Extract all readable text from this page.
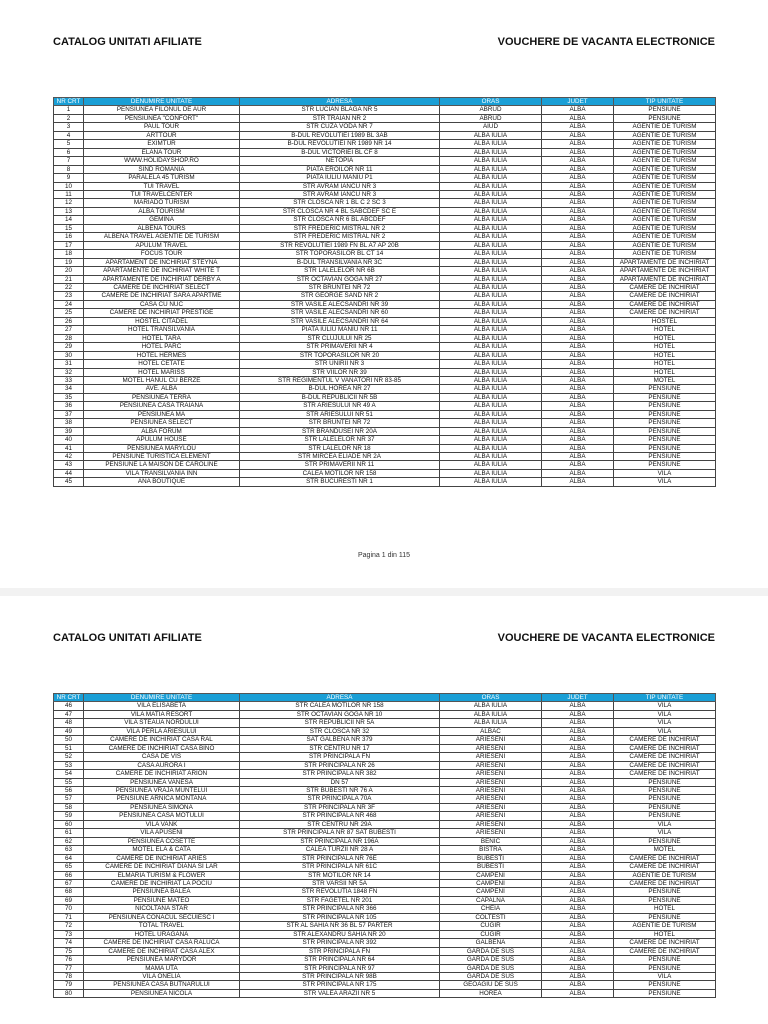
CATALOG UNITATI AFILIATE	VOUCHERE DE VACANTA ELECTRONICE
NR CRT	DENUMIRE UNITATE	ADRESA	ORAS	JUDET	TIP UNITATE
1	PENSIUNEA FILONUL DE AUR	STR LUCIAN BLAGA NR 5	ABRUD	ALBA	PENSIUNE
2	PENSIUNEA "CONFORT"	STR TRAIAN NR 2	ABRUD	ALBA	PENSIUNE
3	PAUL TOUR	STR CUZA VODA NR 7	AIUD	ALBA	AGENTIE DE TURISM
4	ARTTOUR	B-DUL REVOLUTIEI 1989 BL 3AB	ALBA IULIA	ALBA	AGENTIE DE TURISM
5	EXIMTUR	B-DUL REVOLUTIEI NR 1989 NR 14	ALBA IULIA	ALBA	AGENTIE DE TURISM
6	ELANA TOUR	B-DUL VICTORIEI BL CF 8	ALBA IULIA	ALBA	AGENTIE DE TURISM
7	WWW.HOLIDAYSHOP.RO	NETOPIA	ALBA IULIA	ALBA	AGENTIE DE TURISM
8	SIND ROMANIA	PIATA EROILOR NR 11	ALBA IULIA	ALBA	AGENTIE DE TURISM
9	PARALELA 45 TURISM	PIATA IULIU MANIU P1	ALBA IULIA	ALBA	AGENTIE DE TURISM
10	TUI TRAVEL	STR AVRAM IANCU NR 3	ALBA IULIA	ALBA	AGENTIE DE TURISM
11	TUI TRAVELCENTER	STR AVRAM IANCU NR 3	ALBA IULIA	ALBA	AGENTIE DE TURISM
12	MARIADO TURISM	STR CLOSCA NR 1 BL C 2 SC 3	ALBA IULIA	ALBA	AGENTIE DE TURISM
13	ALBA TOURISM	STR CLOSCA NR 4 BL SABCDEF SC E	ALBA IULIA	ALBA	AGENTIE DE TURISM
14	GEMINA	STR CLOSCA NR 6 BL ABCDEF	ALBA IULIA	ALBA	AGENTIE DE TURISM
15	ALBENA TOURS	STR FREDERIC MISTRAL NR 2	ALBA IULIA	ALBA	AGENTIE DE TURISM
16	ALBENA TRAVEL AGENTIE DE TURISM	STR FREDERIC MISTRAL NR 2	ALBA IULIA	ALBA	AGENTIE DE TURISM
17	APULUM TRAVEL	STR REVOLUTIEI 1989 FN BL A7 AP 20B	ALBA IULIA	ALBA	AGENTIE DE TURISM
18	FOCUS TOUR	STR TOPORASILOR BL CT 14	ALBA IULIA	ALBA	AGENTIE DE TURISM
19	APARTAMENT DE INCHIRIAT STEYNA	B-DUL TRANSILVANIA NR 3C	ALBA IULIA	ALBA	APARTAMENTE DE INCHIRIAT
20	APARTAMENTE DE INCHIRIAT WHITE T	STR LALELELOR NR 6B	ALBA IULIA	ALBA	APARTAMENTE DE INCHIRIAT
21	APARTAMENTE DE INCHIRIAT DERBY A	STR OCTAVIAN GOGA NR 27	ALBA IULIA	ALBA	APARTAMENTE DE INCHIRIAT
22	CAMERE DE INCHIRIAT SELECT	STR BRUNTEI NR 72	ALBA IULIA	ALBA	CAMERE DE INCHIRIAT
23	CAMERE DE INCHIRIAT SARA APARTME	STR GEORGE SAND NR 2	ALBA IULIA	ALBA	CAMERE DE INCHIRIAT
24	CASA CU NUC	STR VASILE ALECSANDRI NR 39	ALBA IULIA	ALBA	CAMERE DE INCHIRIAT
25	CAMERE DE INCHIRIAT PRESTIGE	STR VASILE ALECSANDRI NR 60	ALBA IULIA	ALBA	CAMERE DE INCHIRIAT
26	HOSTEL CITADEL	STR VASILE ALECSANDRI NR 64	ALBA IULIA	ALBA	HOSTEL
27	HOTEL TRANSILVANIA	PIATA IULIU MANIU NR 11	ALBA IULIA	ALBA	HOTEL
28	HOTEL TARA	STR CLUJULUI NR 25	ALBA IULIA	ALBA	HOTEL
29	HOTEL PARC	STR PRIMAVERII NR 4	ALBA IULIA	ALBA	HOTEL
30	HOTEL HERMES	STR TOPORASILOR NR 20	ALBA IULIA	ALBA	HOTEL
31	HOTEL CETATE	STR UNIRII NR 3	ALBA IULIA	ALBA	HOTEL
32	HOTEL MARISS	STR VIILOR NR 39	ALBA IULIA	ALBA	HOTEL
33	MOTEL HANUL CU BERZE	STR REGIMENTUL V VANATORI NR 83-85	ALBA IULIA	ALBA	MOTEL
34	AVE. ALBA	B-DUL HOREA NR 27	ALBA IULIA	ALBA	PENSIUNE
35	PENSIUNEA TERRA	B-DUL REPUBLICII NR 5B	ALBA IULIA	ALBA	PENSIUNE
36	PENSIUNEA CASA TRAIANA	STR ARIESULUI NR 49 A	ALBA IULIA	ALBA	PENSIUNE
37	PENSIUNEA MA	STR ARIESULUI NR 51	ALBA IULIA	ALBA	PENSIUNE
38	PENSIUNEA SELECT	STR BRUNTEI NR 72	ALBA IULIA	ALBA	PENSIUNE
39	ALBA FORUM	STR BRANDUSEI NR 20A	ALBA IULIA	ALBA	PENSIUNE
40	APULUM HOUSE	STR LALELELOR NR 37	ALBA IULIA	ALBA	PENSIUNE
41	PENSIUNEA MARYLOU	STR LALELOR NR 18	ALBA IULIA	ALBA	PENSIUNE
42	PENSIUNE TURISTICA ELEMENT	STR MIRCEA ELIADE NR 2A	ALBA IULIA	ALBA	PENSIUNE
43	PENSIUNE LA MAISON DE CAROLINE	STR PRIMAVERII NR 11	ALBA IULIA	ALBA	PENSIUNE
44	VILA TRANSILVANIA INN	CALEA MOTILOR NR 158	ALBA IULIA	ALBA	VILA
45	ANA BOUTIQUE	STR BUCURESTI NR 1	ALBA IULIA	ALBA	VILA
Pagina 1 din 115
CATALOG UNITATI AFILIATE	VOUCHERE DE VACANTA ELECTRONICE
NR CRT	DENUMIRE UNITATE	ADRESA	ORAS	JUDET	TIP UNITATE
46	VILA ELISABETA	STR CALEA MOTILOR NR 158	ALBA IULIA	ALBA	VILA
47	VILA MATIA RESORT	STR OCTAVIAN GOGA NR 10	ALBA IULIA	ALBA	VILA
48	VILA STEAUA NORDULUI	STR REPUBLICII NR 5A	ALBA IULIA	ALBA	VILA
49	VILA PERLA ARIESULUI	STR CLOSCA NR 32	ALBAC	ALBA	VILA
50	CAMERE DE INCHIRIAT CASA RAL	SAT GALBENA NR 379	ARIESENI	ALBA	CAMERE DE INCHIRIAT
51	CAMERE DE INCHIRIAT CASA BINO	STR CENTRU NR 17	ARIESENI	ALBA	CAMERE DE INCHIRIAT
52	CASA DE VIS	STR PRINCIPALA FN	ARIESENI	ALBA	CAMERE DE INCHIRIAT
53	CASA AURORA I	STR PRINCIPALA NR 26	ARIESENI	ALBA	CAMERE DE INCHIRIAT
54	CAMERE DE INCHIRIAT ARION	STR PRINCIPALA NR 382	ARIESENI	ALBA	CAMERE DE INCHIRIAT
55	PENSIUNEA VANESA	DN 57	ARIESENI	ALBA	PENSIUNE
56	PENSIUNEA VRAJA MUNTELUI	STR BUBESTI NR 76 A	ARIESENI	ALBA	PENSIUNE
57	PENSIUNE ARNICA MONTANA	STR PRINCIPALA 70A	ARIESENI	ALBA	PENSIUNE
58	PENSIUNEA SIMONA	STR PRINCIPALA NR 3F	ARIESENI	ALBA	PENSIUNE
59	PENSIUNEA CASA MOTULUI	STR PRINCIPALA NR 468	ARIESENI	ALBA	PENSIUNE
60	VILA VANK	STR CENTRU NR 29A	ARIESENI	ALBA	VILA
61	VILA APUSENI	STR PRINCIPALA NR 87 SAT BUBESTI	ARIESENI	ALBA	VILA
62	PENSIUNEA COSETTE	STR PRINCIPALA NR 196A	BENIC	ALBA	PENSIUNE
63	MOTEL ELA & CATA	CALEA TURZII NR 28 A	BISTRA	ALBA	MOTEL
64	CAMERE DE INCHIRIAT ARIES	STR PRINCIPALA NR 76E	BUBESTI	ALBA	CAMERE DE INCHIRIAT
65	CAMERE DE INCHIRIAT DIANA SI LAR	STR PRINCIPALA NR 61C	BUBESTI	ALBA	CAMERE DE INCHIRIAT
66	ELMARIA TURISM & FLOWER	STR MOTILOR NR 14	CAMPENI	ALBA	AGENTIE DE TURISM
67	CAMERE DE INCHIRIAT LA POCIU	STR VARSII NR 5A	CAMPENI	ALBA	CAMERE DE INCHIRIAT
68	PENSIUNEA BALEA	STR REVOLUTIA 1848 FN	CAMPENI	ALBA	PENSIUNE
69	PENSIUNE MATEO	STR FAGETEL NR 201	CAPALNA	ALBA	PENSIUNE
70	NICOLTANA STAR	STR PRINCIPALA NR 366	CHEIA	ALBA	HOTEL
71	PENSIUNEA CONACUL SECUIESC I	STR PRINCIPALA NR 105	COLTESTI	ALBA	PENSIUNE
72	TOTAL TRAVEL	STR AL SAHIA NR 36 BL 57 PARTER	CUGIR	ALBA	AGENTIE DE TURISM
73	HOTEL URAGANA	STR ALEXANDRU SAHIA NR 20	CUGIR	ALBA	HOTEL
74	CAMERE DE INCHIRIAT CASA RALUCA	STR PRINCIPALA NR 392	GALBENA	ALBA	CAMERE DE INCHIRIAT
75	CAMERE DE INCHIRIAT CASA ALEX	STR PRINCIPALA FN	GARDA DE SUS	ALBA	CAMERE DE INCHIRIAT
76	PENSIUNEA MARYDOR	STR PRINCIPALA NR 64	GARDA DE SUS	ALBA	PENSIUNE
77	MAMA UTA	STR PRINCIPALA NR 97	GARDA DE SUS	ALBA	PENSIUNE
78	VILA ONELIA	STR PRINCIPALA NR 98B	GARDA DE SUS	ALBA	VILA
79	PENSIUNEA CASA BUTNARULUI	STR PRINCIPALA NR 175	GEOAGIU DE SUS	ALBA	PENSIUNE
80	PENSIUNEA NICOLA	STR VALEA ARAZII NR 5	HOREA	ALBA	PENSIUNE
